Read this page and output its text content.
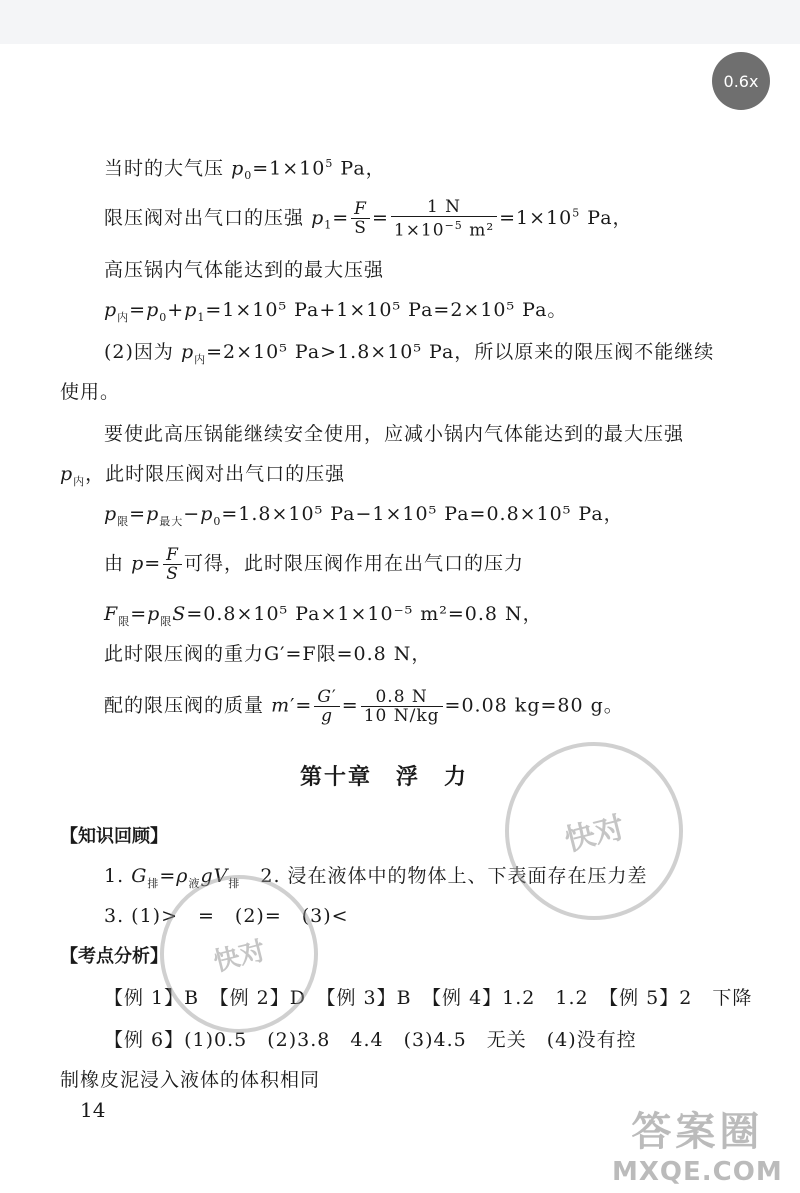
0.6x
当时的大气压 $p_0=1\times 10^5$ Pa，
限压阀对出气口的压强 $p_1= \frac{F}{S} = \frac{1 N}{1\times 10^{-5} m^2} =1\times 10^5$ Pa，
高压锅内气体能达到的最大压强
$p_内=p_0+p_1=1\times 10^5$ Pa+1×10⁵ Pa=2×10⁵ Pa。
(2)因为 $p_内=2\times 10^5$ Pa>1.8×10⁵ Pa，所以原来的限压阀不能继续
使用。
要使此高压锅能继续安全使用，应减小锅内气体能达到的最大压强
$p_内$，此时限压阀对出气口的压强
$p_限=p_{最大}-p_0=1.8\times 10^5$ Pa−1×10⁵ Pa=0.8×10⁵ Pa，
由 $p= \frac{F}{S}$ 可得，此时限压阀作用在出气口的压力
$F_限=p_限S=0.8\times 10^5$ Pa×1×10⁻⁵ m²=0.8 N，
此时限压阀的重力G′=F限=0.8 N，
配的限压阀的质量 $m'= \frac{G'}{g} = \frac{0.8 N}{10 N/kg} =0.08$ kg=80 g。
第十章　浮　力
【知识回顾】
1. $G_排=\rho_液gV_排$　 2. 浸在液体中的物体上、下表面存在压力差
3. (1)>　=　(2)=　(3)<
【考点分析】
【例 1】B　【例 2】D　【例 3】B　【例 4】1.2　1.2　【例 5】2　下降
【例 6】(1)0.5　(2)3.8　4.4　(3)4.5　无关　(4)没有控
制橡皮泥浸入液体的体积相同
14
快对
快对
答案圈
MXQE.COM
